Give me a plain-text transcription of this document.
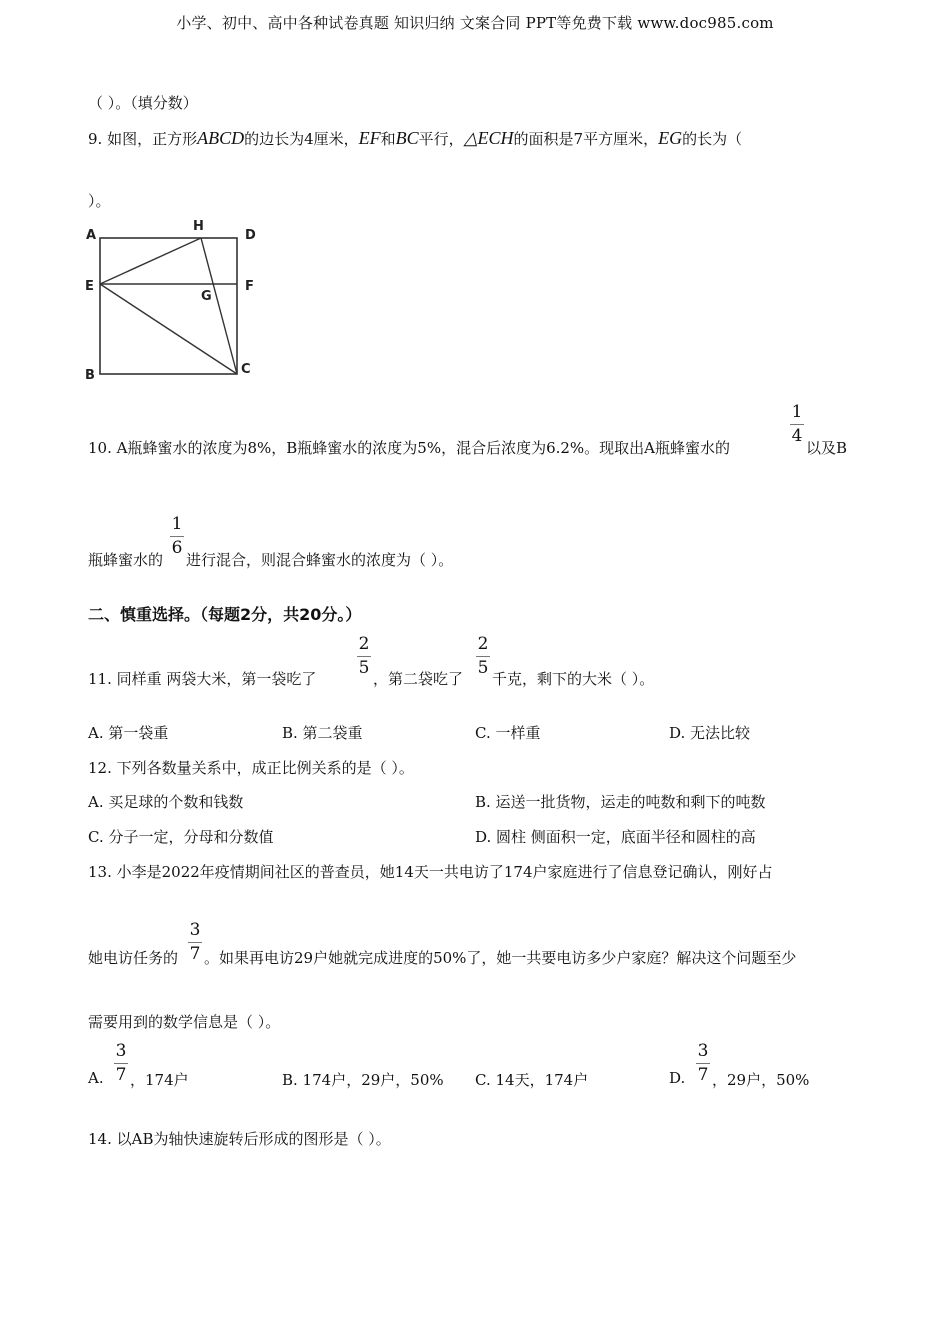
小学、初中、高中各种试卷真题 知识归纳 文案合同 PPT等免费下载 www.doc985.com
（ ）。（填分数）
9. 如图，正方形ABCD的边长为4厘米，EF和BC平行，△ECH的面积是7平方厘米，EG的长为（
）。
A	D
H
E	F
G
B	C
10. A瓶蜂蜜水的浓度为8%，B瓶蜂蜜水的浓度为5%，混合后浓度为6.2%。现取出A瓶蜂蜜水的
1
4
以及B
瓶蜂蜜水的
1
6
进行混合，则混合蜂蜜水的浓度为（ ）。
二、慎重选择。（每题2分，共20分。）
11. 同样重 两袋大米，第一袋吃了
2
5
，第二袋吃了
2
5
千克，剩下的大米（ ）。
A. 第一袋重	B. 第二袋重	C. 一样重	D. 无法比较
12. 下列各数量关系中，成正比例关系的是（ ）。
A. 买足球的个数和钱数	B. 运送一批货物，运走的吨数和剩下的吨数
C. 分子一定，分母和分数值	D. 圆柱 侧面积一定，底面半径和圆柱的高
13. 小李是2022年疫情期间社区的普查员，她14天一共电访了174户家庭进行了信息登记确认，刚好占
她电访任务的
3
7 。如果再电访29户她就完成进度的50%了，她一共要电访多少户家庭？解决这个问题至少
需要用到的数学信息是（ ）。
A.
3
7 ，174户	B. 174户，29户，50% C. 14天，174户	D.
3
7 ，29户，50%
14. 以AB为轴快速旋转后形成的图形是（ ）。
